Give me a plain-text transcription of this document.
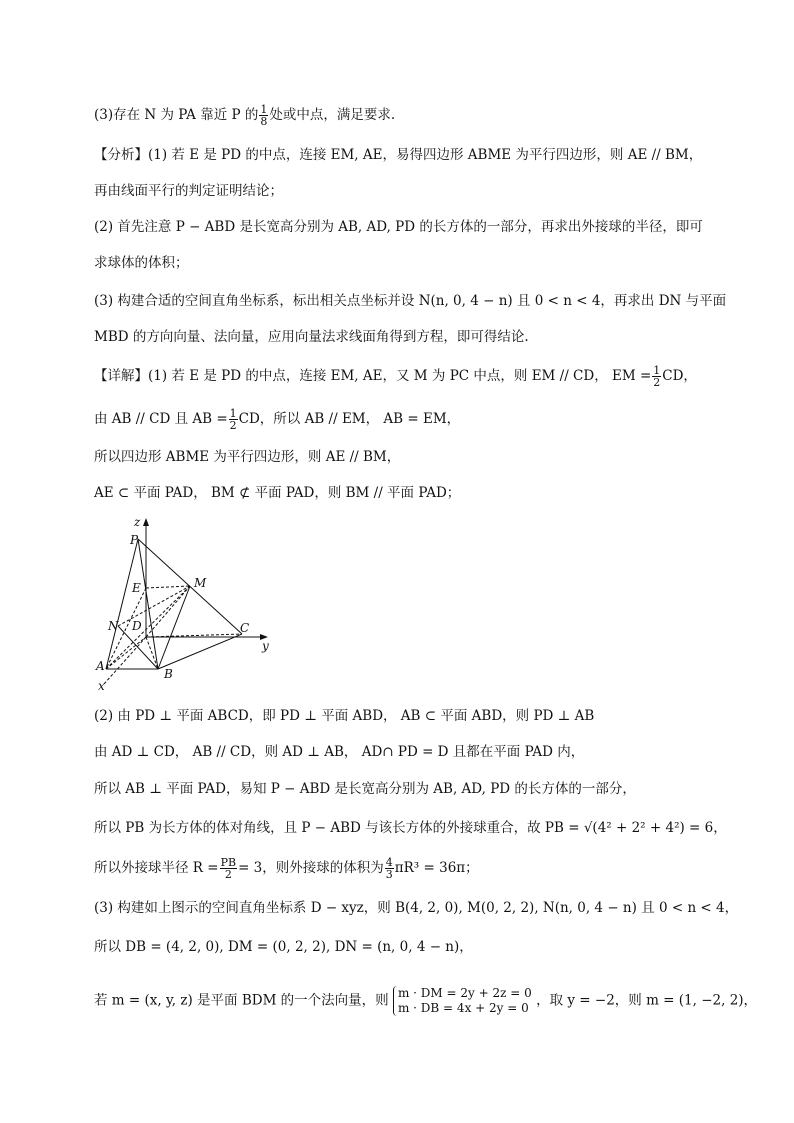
(3)存在 N 为 PA 靠近 P 的 $\frac{1}{8}$ 处或中点，满足要求.
【分析】(1) 若 E 是 PD 的中点，连接 EM, AE，易得四边形 ABME 为平行四边形，则 AE // BM，
再由线面平行的判定证明结论；
(2) 首先注意 P − ABD 是长宽高分别为 AB, AD, PD 的长方体的一部分，再求出外接球的半径，即可
求球体的体积；
(3) 构建合适的空间直角坐标系，标出相关点坐标并设 N(n, 0, 4 − n) 且 0 < n < 4，再求出 DN 与平面
MBD 的方向向量、法向量，应用向量法求线面角得到方程，即可得结论.
【详解】(1) 若 E 是 PD 的中点，连接 EM, AE，又 M 为 PC 中点，则 EM // CD， EM = $\frac{1}{2}$ CD，
由 AB // CD 且 AB = $\frac{1}{2}$ CD，所以 AB // EM， AB = EM，
所以四边形 ABME 为平行四边形，则 AE // BM，
AE ⊂ 平面 PAD， BM ⊄ 平面 PAD，则 BM // 平面 PAD；
z
P
M
E
N D	C
y
A
B
x
(2) 由 PD ⊥ 平面 ABCD，即 PD ⊥ 平面 ABD， AB ⊂ 平面 ABD，则 PD ⊥ AB
由 AD ⊥ CD， AB // CD，则 AD ⊥ AB， AD∩ PD = D 且都在平面 PAD 内，
所以 AB ⊥ 平面 PAD，易知 P − ABD 是长宽高分别为 AB, AD, PD 的长方体的一部分，
所以 PB 为长方体的体对角线，且 P − ABD 与该长方体的外接球重合，故 PB = √(4² + 2² + 4²) = 6，
所以外接球半径 $R = \frac{PB}{2} = 3$，则外接球的体积为 $\frac{4}{3} \pi R^3 = 36\pi$；
(3) 构建如上图示的空间直角坐标系 D − xyz，则 B(4, 2, 0), M(0, 2, 2), N(n, 0, 4 − n) 且 0 < n < 4，
所以 DB = (4, 2, 0), DM = (0, 2, 2), DN = (n, 0, 4 − n)，
若 m = (x, y, z) 是平面 BDM 的一个法向量，则 m · DM = 2y + 2z = 0
m · DB = 4x + 2y = 0 ，取 y = −2，则 m = (1, −2, 2)，
